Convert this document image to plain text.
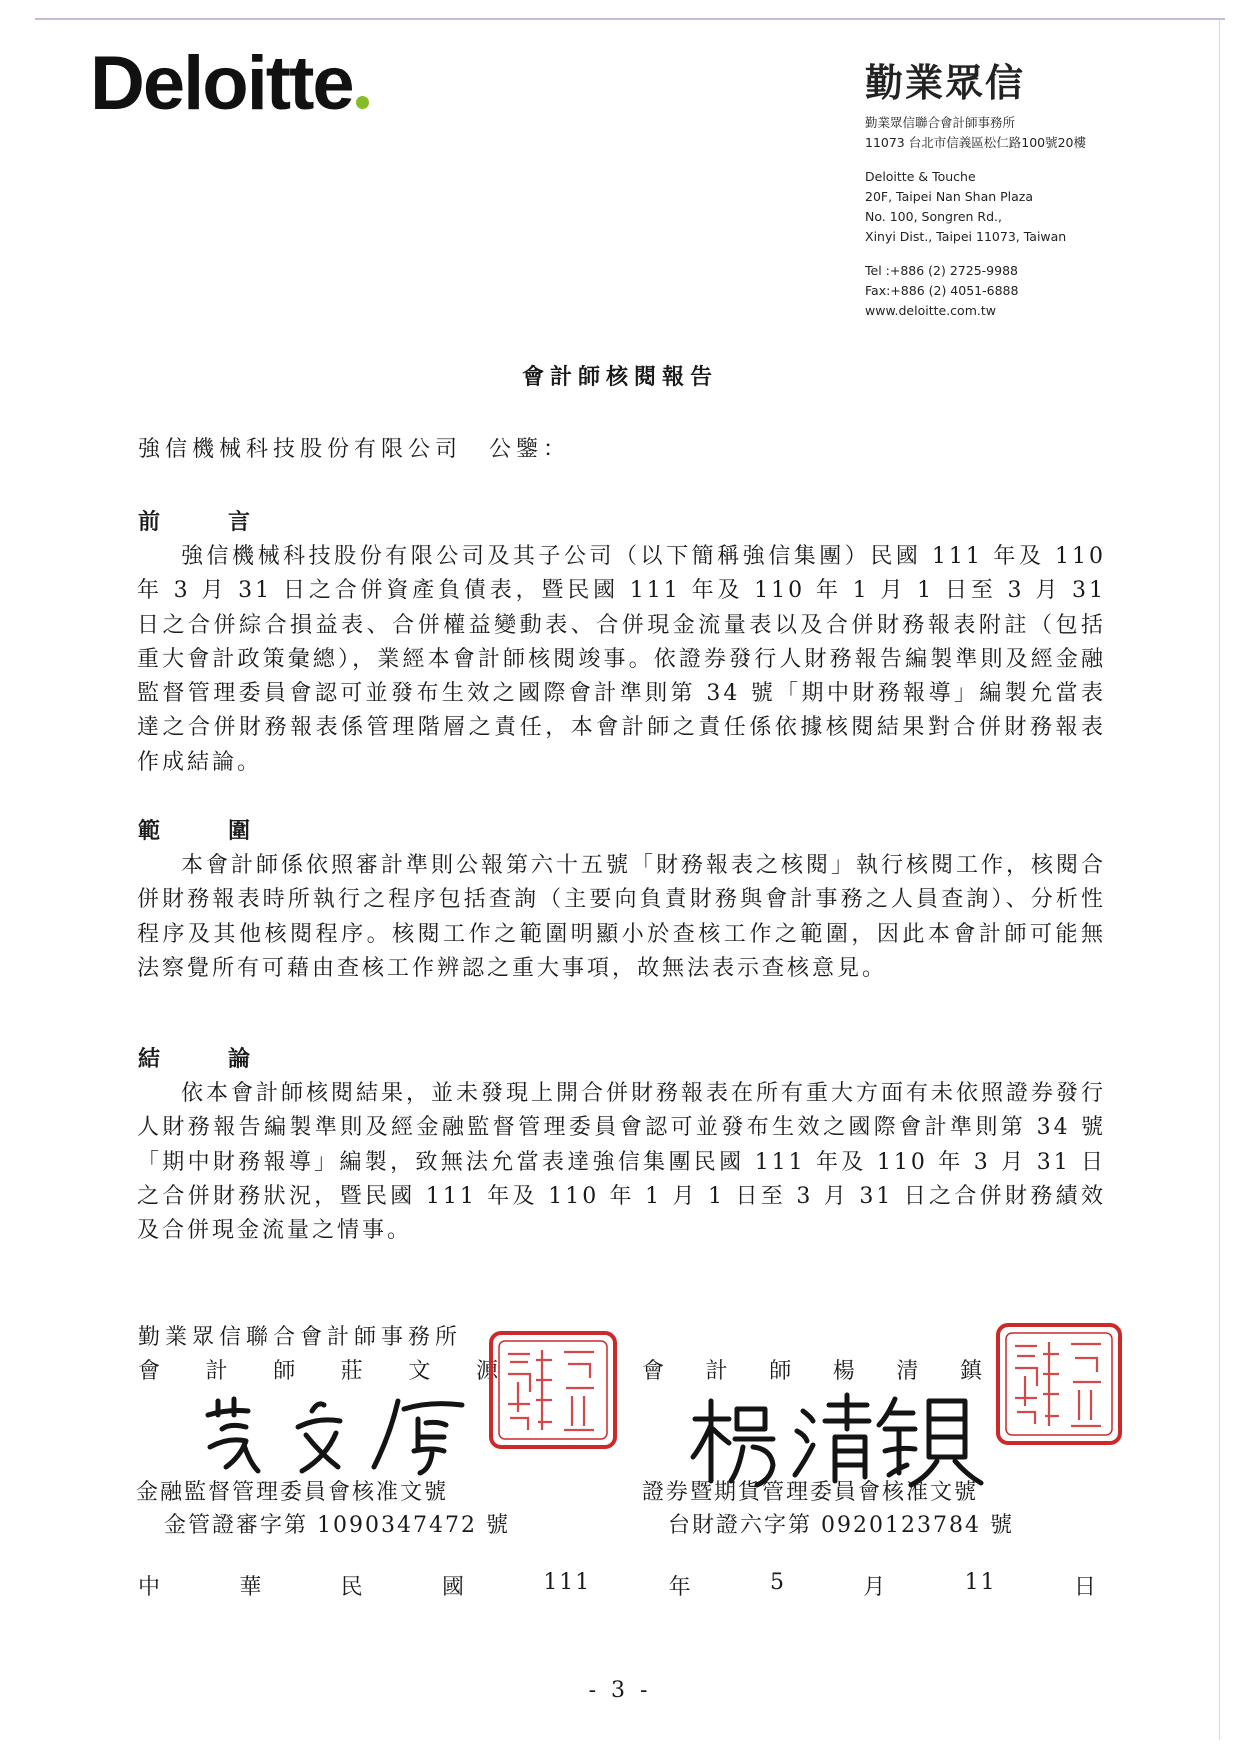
Deloitte	勤業眾信
勤業眾信聯合會計師事務所
11073 台北市信義區松仁路100號20樓
Deloitte & Touche
20F, Taipei Nan Shan Plaza
No. 100, Songren Rd.,
Xinyi Dist., Taipei 11073, Taiwan
Tel :+886 (2) 2725-9988
Fax:+886 (2) 4051-6888
www.deloitte.com.tw
會計師核閱報告
強信機械科技股份有限公司　公鑒：
前	言

強信機械科技股份有限公司及其子公司（以下簡稱強信集團）民國 111 年及 110 年 3 月 31 日之合併資產負債表，暨民國 111 年及 110 年 1 月 1 日至 3 月 31 日之合併綜合損益表、合併權益變動表、合併現金流量表以及合併財務報表附註（包括重大會計政策彙總），業經本會計師核閱竣事。依證券發行人財務報告編製準則及經金融監督管理委員會認可並發布生效之國際會計準則第 34 號「期中財務報導」編製允當表達之合併財務報表係管理階層之責任，本會計師之責任係依據核閱結果對合併財務報表作成結論。

範	圍

本會計師係依照審計準則公報第六十五號「財務報表之核閱」執行核閱工作，核閱合併財務報表時所執行之程序包括查詢（主要向負責財務與會計事務之人員查詢）、分析性程序及其他核閱程序。核閱工作之範圍明顯小於查核工作之範圍，因此本會計師可能無法察覺所有可藉由查核工作辨認之重大事項，故無法表示查核意見。

結	論

依本會計師核閱結果，並未發現上開合併財務報表在所有重大方面有未依照證券發行人財務報告編製準則及經金融監督管理委員會認可並發布生效之國際會計準則第 34 號「期中財務報導」編製，致無法允當表達強信集團民國 111 年及 110 年 3 月 31 日之合併財務狀況，暨民國 111 年及 110 年 1 月 1 日至 3 月 31 日之合併財務績效及合併現金流量之情事。

勤業眾信聯合會計師事務所
會 計 師 莊 文 源	會 計 師 楊 清 鎮
金融監督管理委員會核准文號
金管證審字第 1090347472 號
證券暨期貨管理委員會核准文號
台財證六字第 0920123784 號
中	華	民	國	111	年	5	月	11	日
- 3 -
